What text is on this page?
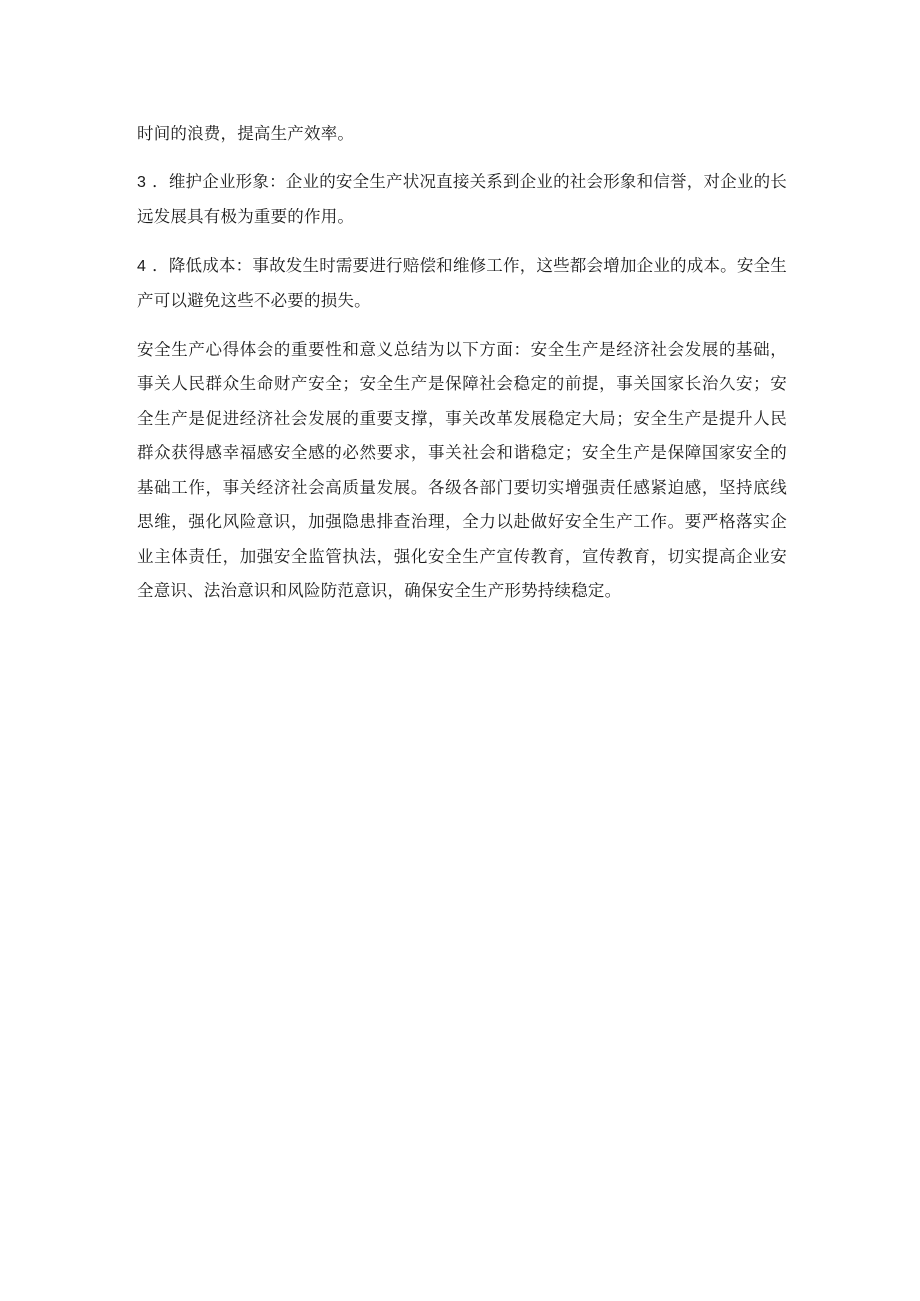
时间的浪费，提高生产效率。

3 ．维护企业形象：企业的安全生产状况直接关系到企业的社会形象和信誉，对企业的长远发展具有极为重要的作用。

4 ．降低成本：事故发生时需要进行赔偿和维修工作，这些都会增加企业的成本。安全生产可以避免这些不必要的损失。

安全生产心得体会的重要性和意义总结为以下方面：安全生产是经济社会发展的基础，事关人民群众生命财产安全；安全生产是保障社会稳定的前提，事关国家长治久安；安全生产是促进经济社会发展的重要支撑，事关改革发展稳定大局；安全生产是提升人民群众获得感幸福感安全感的必然要求，事关社会和谐稳定；安全生产是保障国家安全的基础工作，事关经济社会高质量发展。各级各部门要切实增强责任感紧迫感，坚持底线思维，强化风险意识，加强隐患排查治理，全力以赴做好安全生产工作。要严格落实企业主体责任，加强安全监管执法，强化安全生产宣传教育，宣传教育，切实提高企业安全意识、法治意识和风险防范意识，确保安全生产形势持续稳定。
